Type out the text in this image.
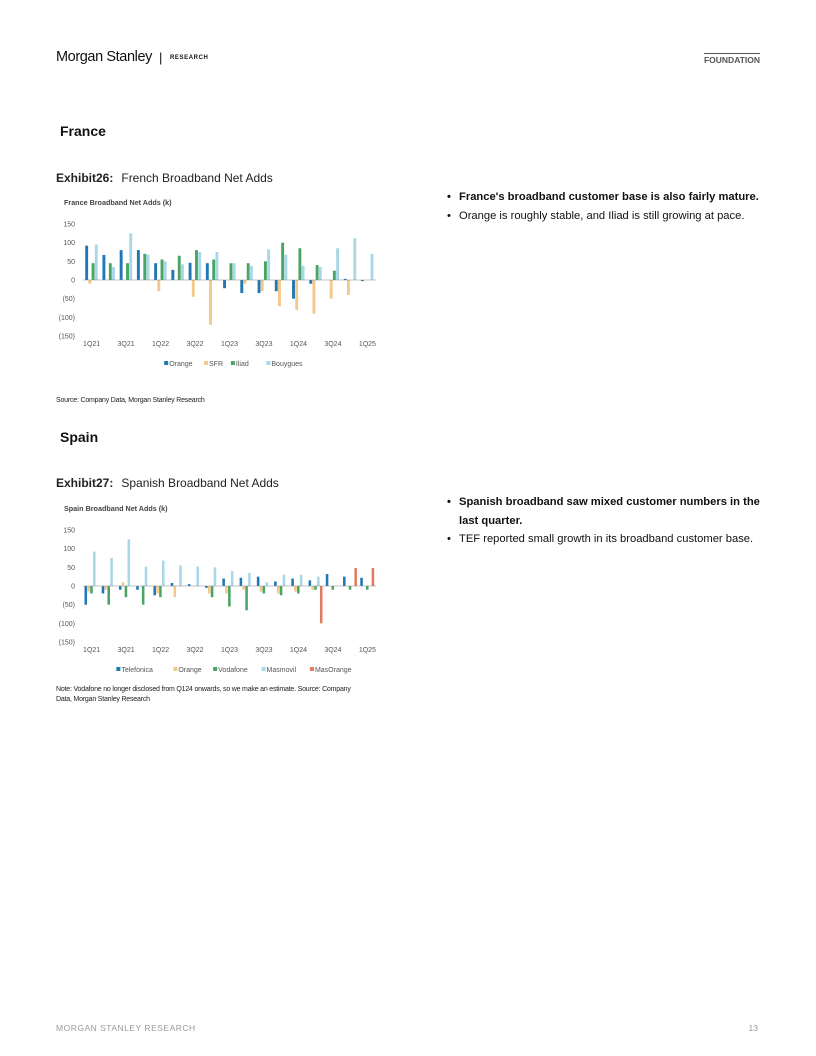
Morgan Stanley | RESEARCH	FOUNDATION
France
Exhibit26: French Broadband Net Adds
France Broadband Net Adds (k)
(150)
(100)
(50)
0
50
100
150
1Q21 3Q21 1Q22 3Q22 1Q23 3Q23 1Q24 3Q24 1Q25
Orange SFR Iliad	Bouygues
Source: Company Data, Morgan Stanley Research
• France's broadband customer base is also fairly mature.
• Orange is roughly stable, and Iliad is still growing at pace.
Spain
Exhibit27: Spanish Broadband Net Adds
Spain Broadband Net Adds (k)
(150)
(100)
(50)
0
50
100
150
1Q21 3Q21 1Q22 3Q22 1Q23 3Q23 1Q24 3Q24 1Q25
Telefonica	Orange Vodafone	Masmovil	MasOrange
Note: Vodafone no longer disclosed from Q124 onwards, so we make an estimate. Source: Company
Data, Morgan Stanley Research
• Spanish broadband saw mixed customer numbers in the last quarter.
• TEF reported small growth in its broadband customer base.
MORGAN STANLEY RESEARCH	13
